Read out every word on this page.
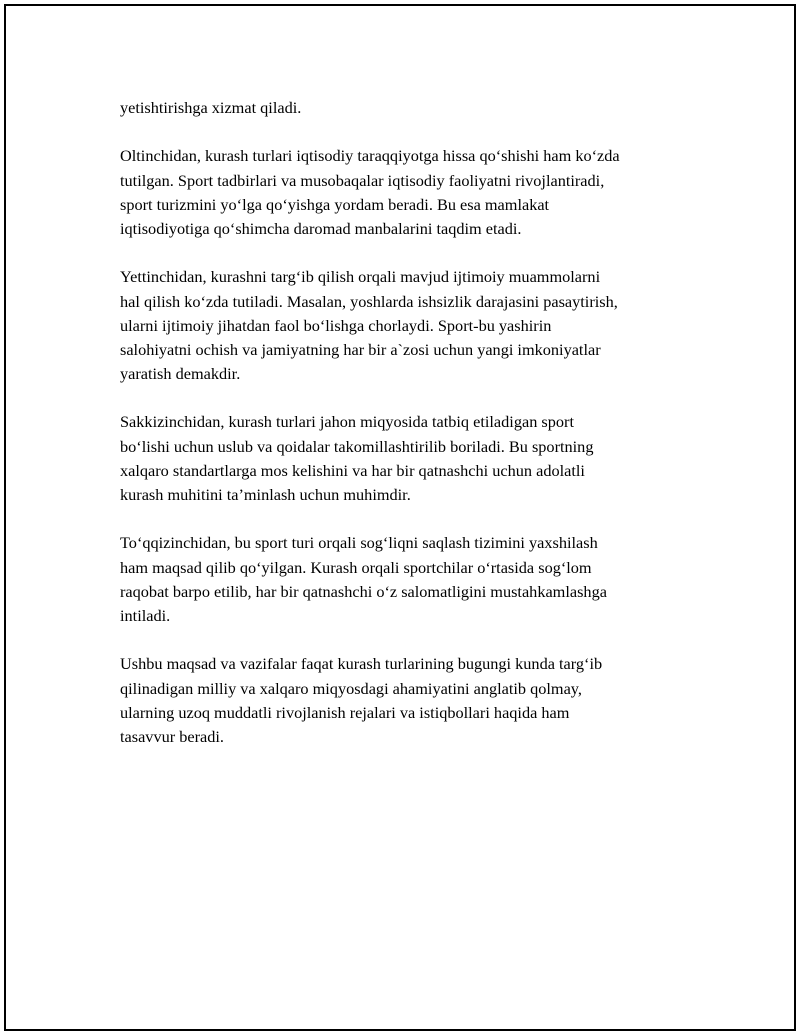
yetishtirishga xizmat qiladi.

Oltinchidan, kurash turlari iqtisodiy taraqqiyotga hissa qo‘shishi ham ko‘zda
tutilgan. Sport tadbirlari va musobaqalar iqtisodiy faoliyatni rivojlantiradi,
sport turizmini yo‘lga qo‘yishga yordam beradi. Bu esa mamlakat
iqtisodiyotiga qo‘shimcha daromad manbalarini taqdim etadi.

Yettinchidan, kurashni targ‘ib qilish orqali mavjud ijtimoiy muammolarni
hal qilish ko‘zda tutiladi. Masalan, yoshlarda ishsizlik darajasini pasaytirish,
ularni ijtimoiy jihatdan faol bo‘lishga chorlaydi. Sport-bu yashirin
salohiyatni ochish va jamiyatning har bir a`zosi uchun yangi imkoniyatlar
yaratish demakdir.

Sakkizinchidan, kurash turlari jahon miqyosida tatbiq etiladigan sport
bo‘lishi uchun uslub va qoidalar takomillashtirilib boriladi. Bu sportning
xalqaro standartlarga mos kelishini va har bir qatnashchi uchun adolatli
kurash muhitini ta’minlash uchun muhimdir.

To‘qqizinchidan, bu sport turi orqali sog‘liqni saqlash tizimini yaxshilash
ham maqsad qilib qo‘yilgan. Kurash orqali sportchilar o‘rtasida sog‘lom
raqobat barpo etilib, har bir qatnashchi o‘z salomatligini mustahkamlashga
intiladi.

Ushbu maqsad va vazifalar faqat kurash turlarining bugungi kunda targ‘ib
qilinadigan milliy va xalqaro miqyosdagi ahamiyatini anglatib qolmay,
ularning uzoq muddatli rivojlanish rejalari va istiqbollari haqida ham
tasavvur beradi.
